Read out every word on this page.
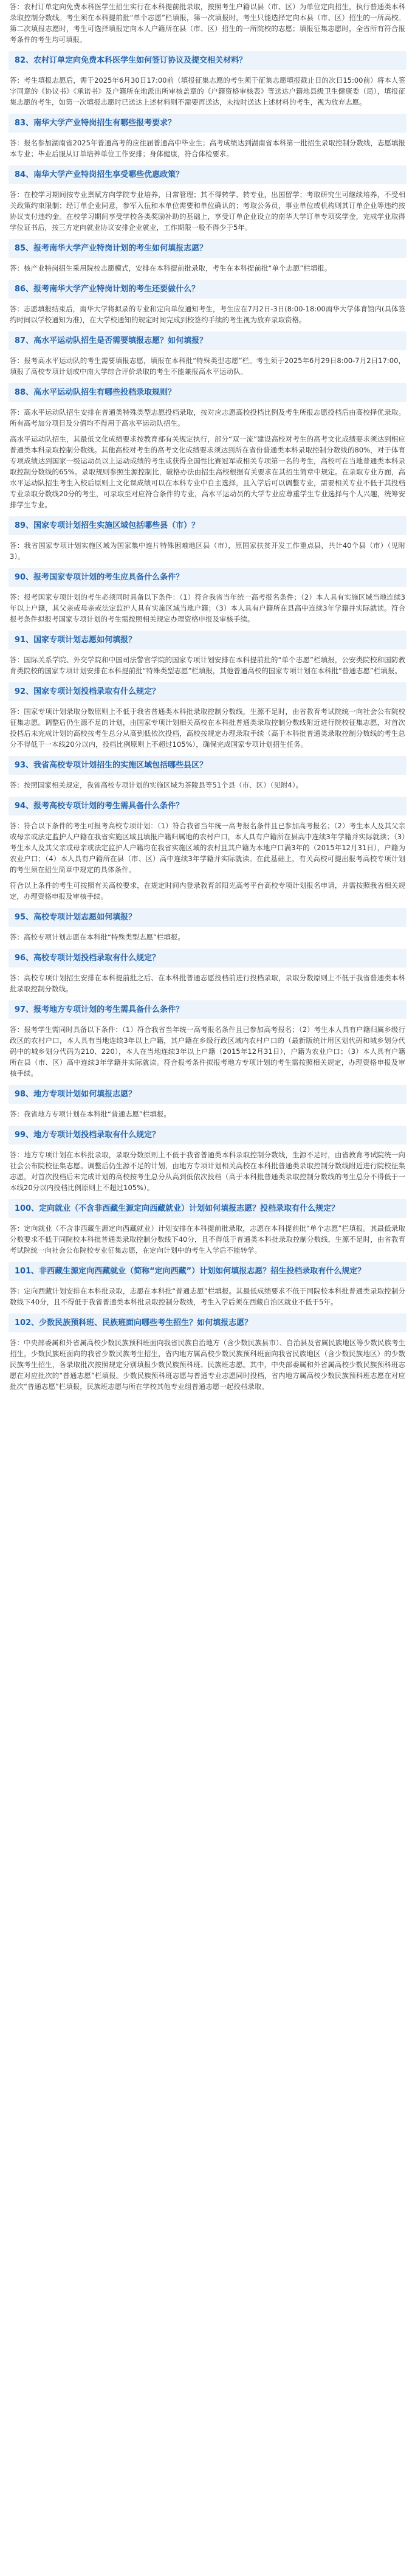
答：农村订单定向免费本科医学生招生实行在本科提前批录取，按照考生户籍以县（市、区）为单位定向招生，执行普通类本科录取控制分数线。考生须在本科提前批“单个志愿”栏填报，第一次填报时，考生只能选择定向本县（市、区）招生的一所高校。第二次填报志愿时，考生可选择填报定向本人户籍所在县（市、区）招生的一所院校的志愿；填报征集志愿时，全省所有符合报考条件的考生均可填报。

82、农村订单定向免费本科医学生如何签订协议及提交相关材料？

答：考生填报志愿后，需于2025年6月30日17:00前（填报征集志愿的考生须于征集志愿填报截止日的次日15:00前）将本人签字同意的《协议书》《承诺书》及户籍所在地派出所审核盖章的《户籍资格审核表》等送达户籍地县级卫生健康委（局），填报征集志愿的考生，如第一次填报志愿时已送达上述材料则不需要再送达，未按时送达上述材料的考生，视为放弃志愿。

83、南华大学产业特岗招生有哪些报考要求？

答：报名参加湖南省2025年普通高考的应往届普通高中毕业生；高考成绩达到湖南省本科第一批招生录取控制分数线，志愿填报本专业；毕业后服从订单培养单位工作安排；身体健康，符合体检要求。

84、南华大学产业特岗招生享受哪些优惠政策？

答：在校学习期间按专业禀赋方向学院专业培养，日常管理；其不得转学、转专业，出国留学；考取研究生可继续培养，不受相关政策约束限制；经订单企业同意，参军入伍和本单位需要和单位确认的；考取公务员，事业单位或机构则其订单企业等违约按协议支付违约金。在校学习期间享受学校各类奖励补助的基础上，享受订单企业设立的南华大学订单专项奖学金，完成学业取得学位证书后，按三方定向就业协议安排企业就业，工作期限一般不得少于5年。

85、报考南华大学产业特岗计划的考生如何填报志愿？

答：核产业特岗招生采用院校志愿模式，安排在本科提前批录取，考生在本科提前批“单个志愿”栏填报。

86、报考南华大学产业特岗计划的考生还要做什么？

答：志愿填报结束后，南华大学将拟录的专业和定向单位通知考生，考生应在7月2日-3日(8:00-18:00南华大学体育馆内(具体签约时间以学校通知为准)，在大学校通知的规定时间完成到校签约手续的考生视为放弃录取资格。

87、高水平运动队招生是否需要填报志愿？如何填报？

答：报考高水平运动队的考生需要填报志愿，填报在本科批“特殊类型志愿”栏。考生须于2025年6月29日8:00-7月2日17:00，填报了高校专项计划或中南大学综合评价录取的考生不能兼报高水平运动队。

88、高水平运动队招生有哪些投档录取规则？

答：高水平运动队招生安排在普通类特殊类型志愿投档录取，按对应志愿高校投档比例及考生所报志愿投档后由高校择优录取。所有高考加分项目及分值均不得用于高水平运动队招生。

高水平运动队招生，其最低文化成绩要求按教育部有关规定执行，部分“双一流”建设高校对考生的高考文化成绩要求须达到相应普通类本科录取控制分数线。其他高校对考生的高考文化成绩要求须达到所在省份普通类本科录取控制分数线的80%，对于体育专项成绩达到国家一级运动员以上运动成绩的考生或获得全国性比赛冠军或相关专项第一名的考生，高校可在当地普通类本科录取控制分数线的65%。录取规则参照生源控制比，破格办法由招生高校根据有关要求在其招生简章中规定。在录取专业方面，高水平运动队招生考生入校后原则上文化课成绩可以在本科专业中自主选择，且入学后可以调整专业，需要相关专业不低于其投档专业录取分数线20分的考生，可录取至对应符合条件的专业，高水平运动员的大学专业应尊重学生专业选择与个人兴趣，统筹安排学生专业。

89、国家专项计划招生实施区域包括哪些县（市）？

答：我省国家专项计划实施区域为国家集中连片特殊困难地区县（市），原国家扶贫开发工作重点县，共计40个县（市）（见附3）。

90、报考国家专项计划的考生应具备什么条件？

答：报考国家专项计划的考生必须同时具备以下条件：（1）符合我省当年统一高考报名条件；（2）本人具有实施区域当地连续3年以上户籍，其父亲或母亲或法定监护人具有实施区域当地户籍；（3）本人具有户籍所在县高中连续3年学籍并实际就读。符合报考条件拟报考国家专项计划的考生需按照相关规定办理资格申报及审核手续。

91、国家专项计划志愿如何填报？

答：国际关系学院、外交学院和中国司法警官学院的国家专项计划安排在本科提前批的“单个志愿”栏填报，公安类院校和国防教育类院校的国家专项计划安排在本科提前批“特殊类型志愿”栏填报，其他普通高校的国家专项计划在本科批“普通志愿”栏填报。

92、国家专项计划投档录取有什么规定？

答：国家专项计划录取分数原则上不低于我省普通类本科批录取控制分数线，生源不足时，由省教育考试院统一向社会公布院校征集志愿。调整后仍生源不足的计划，由国家专项计划相关高校在本科批普通类录取控制分数线附近进行院校征集志愿，对首次投档后未完成计划的高校按考生总分从高到低依次投档，高校按规定办理录取手续（高于本科批普通类录取控制分数线的考生总分不得低于一本线20分以内，投档比例原则上不超过105%），确保完成国家专项计划招生任务。

93、我省高校专项计划招生的实施区域包括哪些县区？

答：按照国家相关规定，我省高校专项计划的实施区域为茶陵县等51个县（市、区）（见附4）。

94、报考高校专项计划的考生需具备什么条件？

答：符合以下条件的考生可报考高校专项计划：（1）符合我省当年统一高考报名条件且已参加高考报名；（2）考生本人及其父亲或母亲或法定监护人户籍在我省实施区域且填报户籍归属地的农村户口，本人具有户籍所在县高中连续3年学籍并实际就读；（3）考生本人及其父亲或母亲或法定监护人户籍均在我省实施区域的农村且其户籍为本地户口满3年的（2015年12月31日），户籍为农业户口；（4）本人具有户籍所在县（市、区）高中连续3年学籍并实际就读。在此基础上，有关高校可提出报考高校专项计划的考生须在招生简章中规定的具体条件。

符合以上条件的考生可按照有关高校要求，在规定时间内登录教育部阳光高考平台高校专项计划报名申请，并需按照我省相关规定，办理资格申报及审核手续。

95、高校专项计划志愿如何填报？

答：高校专项计划志愿在本科批“特殊类型志愿”栏填报。

96、高校专项计划投档录取有什么规定？

答：高校专项计划招生安排在本科提前批之后、在本科批普通志愿投档前进行投档录取，录取分数原则上不低于我省普通类本科批录取控制分数线。

97、报考地方专项计划的考生需具备什么条件？

答：报考学生需同时具备以下条件：（1）符合我省当年统一高考报名条件且已参加高考报名；（2）考生本人具有户籍归属乡级行政区的农村户口，本人具有当地连续3年以上户籍，其户籍在乡级行政区域内农村户口的（最新版统计用区划代码和城乡划分代码中的城乡划分代码为210、220），本人在当地连续3年以上户籍（2015年12月31日），户籍为农业户口；（3）本人具有户籍所在县（市、区）高中连续3年学籍并实际就读。符合报考条件拟报考地方专项计划的考生需按照相关规定，办理资格申报及审核手续。

98、地方专项计划如何填报志愿？

答：我省地方专项计划在本科批“普通志愿”栏填报。

99、地方专项计划投档录取有什么规定？

答：地方专项计划在本科批录取，录取分数原则上不低于我省普通类本科录取控制分数线，生源不足时，由省教育考试院统一向社会公布院校征集志愿。调整后仍生源不足的计划，由地方专项计划相关高校在本科批普通类录取控制分数线附近进行院校征集志愿，对首次投档后未完成计划的高校按考生总分从高到低依次投档（高于本科批普通类录取控制分数线的考生总分不得低于一本线20分以内投档比例原则上不超过105%）。

100、定向就业（不含非西藏生源定向西藏就业）计划如何填报志愿？投档录取有什么规定？

答：定向就业（不含非西藏生源定向西藏就业）计划安排在本科提前批录取，志愿在本科提前批“单个志愿”栏填报。其最低录取分数要求不低于同院校本科批普通类录取控制分数线下40分，且不得低于普通类本科批录取控制分数线，生源不足时，由省教育考试院统一向社会公布院校专业征集志愿，在定向计划中的考生入学后不能转学。

101、非西藏生源定向西藏就业（简称“定向西藏”）计划如何填报志愿？招生投档录取有什么规定？

答：定向西藏计划安排在本科批录取，志愿在本科批“普通志愿”栏填报。其最低成绩要求不低于同院校本科批普通类录取控制分数线下40分，且不得低于我省普通类本科批录取控制分数线，考生入学后须在西藏自治区就业不低于5年。

102、少数民族预科班、民族班面向哪些考生招生？如何填报志愿？

答：中央部委属和外省属高校少数民族预科班面向我省民族自治地方（含少数民族县市）、自治县及省属民族地区等少数民族考生招生，少数民族班面向的我省少数民族考生招生，省内地方属高校少数民族预科班面向我省民族地区（含少数民族地区）的少数民族考生招生，各录取批次按照规定分别填报少数民族预科班、民族班志愿。其中，中央部委属和外省属高校少数民族预科班志愿在对应批次的“普通志愿”栏填报。少数民族预科班志愿与普通专业志愿同时投档，省内地方属高校少数民族预科班志愿在对应批次“普通志愿”栏填报，民族班志愿与所在学校其他专业组普通志愿一起投档录取。
